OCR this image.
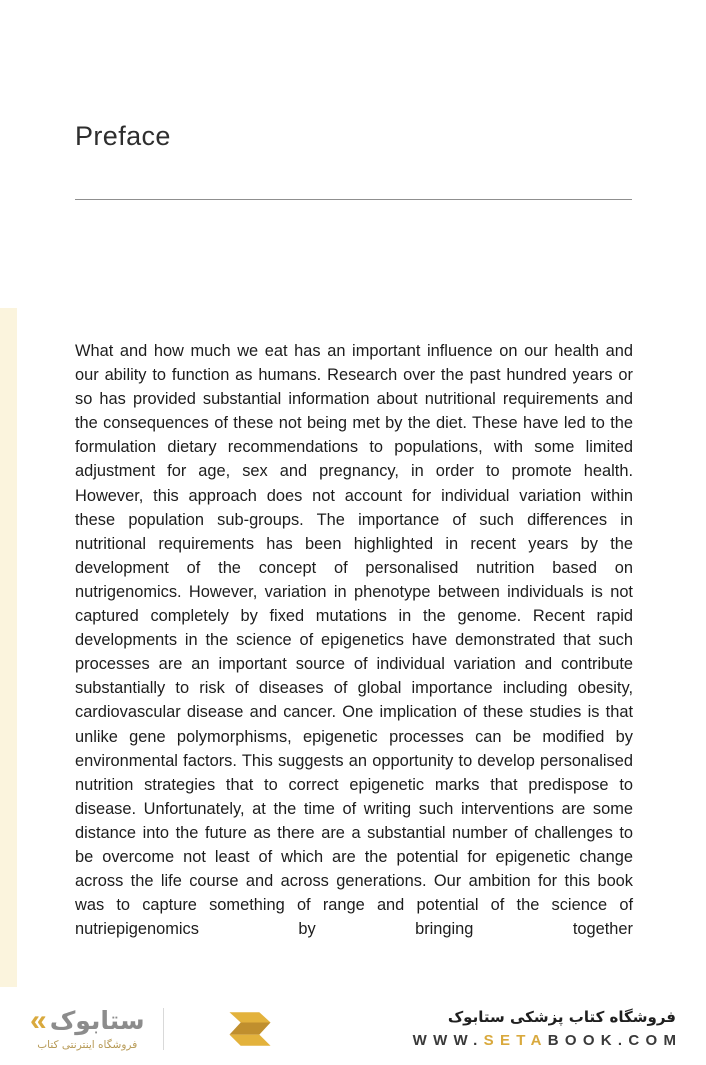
Preface

What and how much we eat has an important influence on our health and our ability to function as humans. Research over the past hundred years or so has provided substantial information about nutritional requirements and the consequences of these not being met by the diet. These have led to the formulation dietary recommendations to populations, with some limited adjustment for age, sex and pregnancy, in order to promote health. However, this approach does not account for individual variation within these population sub-groups. The importance of such differences in nutritional requirements has been highlighted in recent years by the development of the concept of personalised nutrition based on nutrigenomics. However, variation in phenotype between individuals is not captured completely by fixed mutations in the genome. Recent rapid developments in the science of epigenetics have demonstrated that such processes are an important source of individual variation and contribute substantially to risk of diseases of global importance including obesity, cardiovascular disease and cancer. One implication of these studies is that unlike gene polymorphisms, epigenetic processes can be modified by environmental factors. This suggests an opportunity to develop personalised nutrition strategies that to correct epigenetic marks that predispose to disease. Unfortunately, at the time of writing such interventions are some distance into the future as there are a substantial number of challenges to be overcome not least of which are the potential for epigenetic change across the life course and across generations. Our ambition for this book was to capture something of range and potential of the science of nutriepigenomics by bringing together

« ستابوک
فروشگاه اینترنتی کتاب
فروشگاه کتاب پزشکی ستابوک
WWW.SETABOOK.COM
